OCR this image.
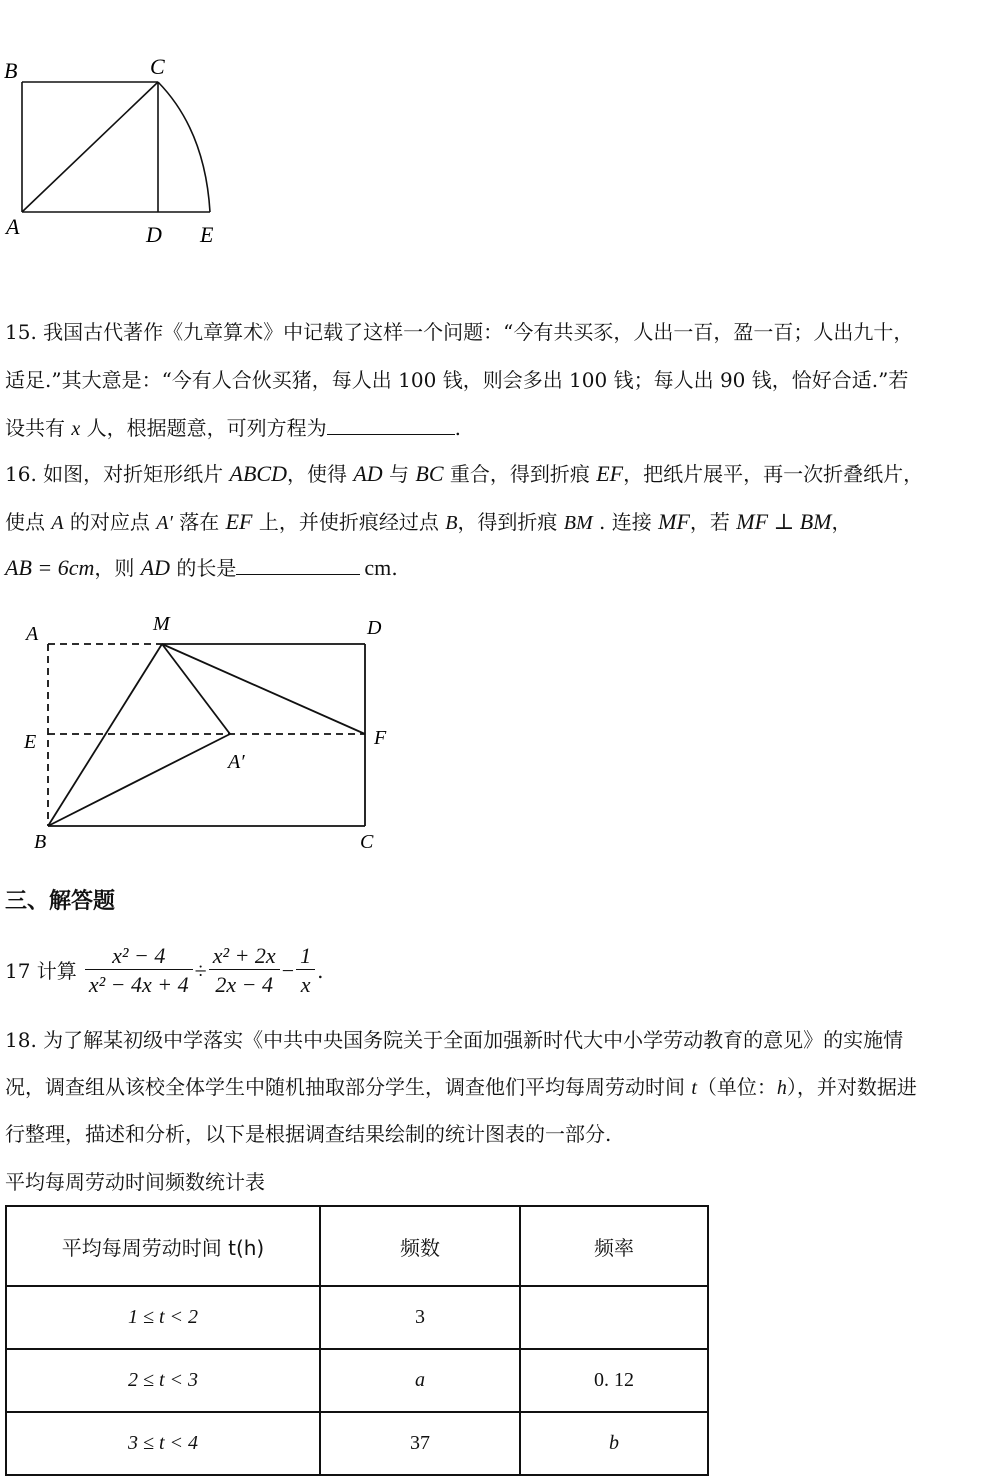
B	C
A	D E
15. 我国古代著作《九章算术》中记载了这样一个问题：“今有共买豕，人出一百，盈一百；人出九十，
适足.”其大意是：“今有人合伙买猪，每人出 100 钱，则会多出 100 钱；每人出 90 钱，恰好合适.”若
设共有 x 人，根据题意，可列方程为	.
16. 如图，对折矩形纸片 ABCD，使得 AD 与 BC 重合，得到折痕 EF，把纸片展平，再一次折叠纸片，
使点 A 的对应点 A′ 落在 EF 上，并使折痕经过点 B，得到折痕 BM . 连接 MF，若 MF ⊥ BM，
AB = 6cm，则 AD 的长是	cm.
A	M	D
E	F
A′
B	C
三、解答题
17 计算 $\frac{\text{x² − 4}}{\text{x² − 4x + 4}} \div \frac{\text{x² + 2x}}{2x - 4} - \frac{1}{x}$ .
18. 为了解某初级中学落实《中共中央国务院关于全面加强新时代大中小学劳动教育的意见》的实施情
况，调查组从该校全体学生中随机抽取部分学生，调查他们平均每周劳动时间 t（单位：h），并对数据进
行整理，描述和分析，以下是根据调查结果绘制的统计图表的一部分.
平均每周劳动时间频数统计表
平均每周劳动时间 t(h)	频数	频率
1 ≤ t < 2	3	
2 ≤ t < 3	a	0. 12
3 ≤ t < 4	37	b
